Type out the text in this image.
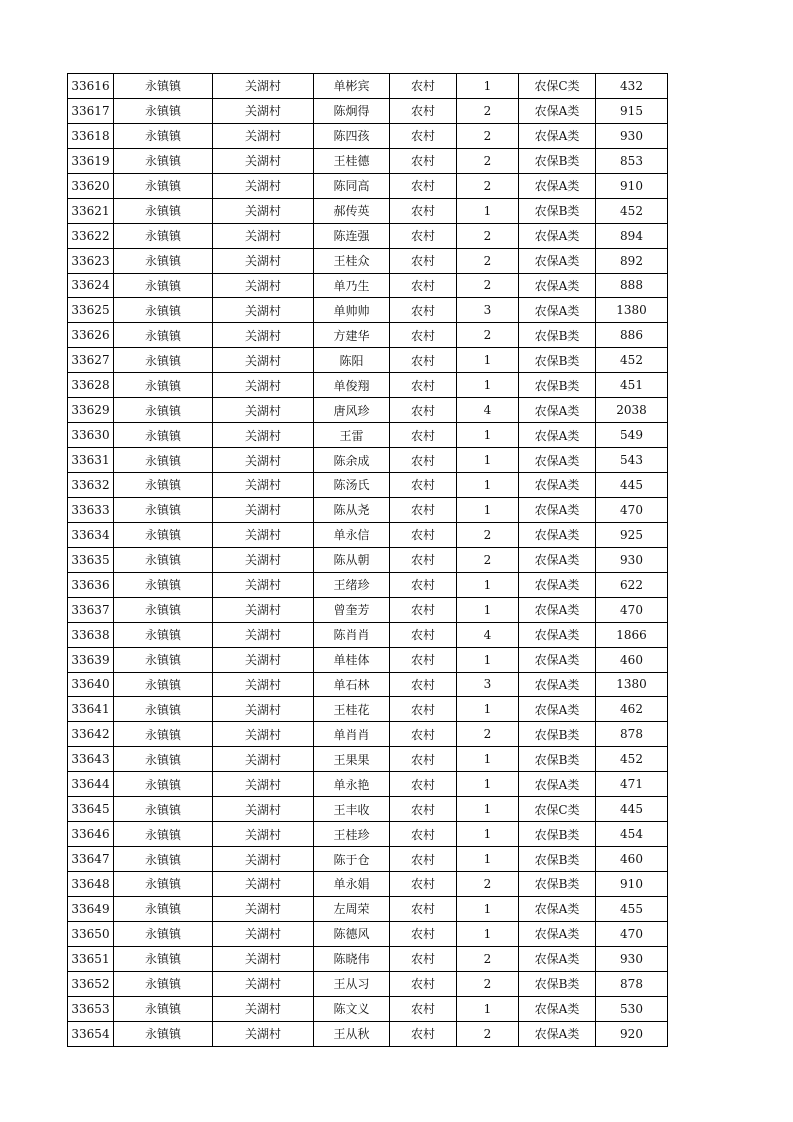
33616	永镇镇	关湖村	单彬宾	农村	1	农保C类	432
33617	永镇镇	关湖村	陈炯得	农村	2	农保A类	915
33618	永镇镇	关湖村	陈四孩	农村	2	农保A类	930
33619	永镇镇	关湖村	王桂德	农村	2	农保B类	853
33620	永镇镇	关湖村	陈同高	农村	2	农保A类	910
33621	永镇镇	关湖村	郝传英	农村	1	农保B类	452
33622	永镇镇	关湖村	陈连强	农村	2	农保A类	894
33623	永镇镇	关湖村	王桂众	农村	2	农保A类	892
33624	永镇镇	关湖村	单乃生	农村	2	农保A类	888
33625	永镇镇	关湖村	单帅帅	农村	3	农保A类	1380
33626	永镇镇	关湖村	方建华	农村	2	农保B类	886
33627	永镇镇	关湖村	陈阳	农村	1	农保B类	452
33628	永镇镇	关湖村	单俊翔	农村	1	农保B类	451
33629	永镇镇	关湖村	唐风珍	农村	4	农保A类	2038
33630	永镇镇	关湖村	王雷	农村	1	农保A类	549
33631	永镇镇	关湖村	陈余成	农村	1	农保A类	543
33632	永镇镇	关湖村	陈汤氏	农村	1	农保A类	445
33633	永镇镇	关湖村	陈从尧	农村	1	农保A类	470
33634	永镇镇	关湖村	单永信	农村	2	农保A类	925
33635	永镇镇	关湖村	陈从朝	农村	2	农保A类	930
33636	永镇镇	关湖村	王绪珍	农村	1	农保A类	622
33637	永镇镇	关湖村	曾奎芳	农村	1	农保A类	470
33638	永镇镇	关湖村	陈肖肖	农村	4	农保A类	1866
33639	永镇镇	关湖村	单桂体	农村	1	农保A类	460
33640	永镇镇	关湖村	单石林	农村	3	农保A类	1380
33641	永镇镇	关湖村	王桂花	农村	1	农保A类	462
33642	永镇镇	关湖村	单肖肖	农村	2	农保B类	878
33643	永镇镇	关湖村	王果果	农村	1	农保B类	452
33644	永镇镇	关湖村	单永艳	农村	1	农保A类	471
33645	永镇镇	关湖村	王丰收	农村	1	农保C类	445
33646	永镇镇	关湖村	王桂珍	农村	1	农保B类	454
33647	永镇镇	关湖村	陈于仓	农村	1	农保B类	460
33648	永镇镇	关湖村	单永娟	农村	2	农保B类	910
33649	永镇镇	关湖村	左周荣	农村	1	农保A类	455
33650	永镇镇	关湖村	陈德风	农村	1	农保A类	470
33651	永镇镇	关湖村	陈晓伟	农村	2	农保A类	930
33652	永镇镇	关湖村	王从习	农村	2	农保B类	878
33653	永镇镇	关湖村	陈文义	农村	1	农保A类	530
33654	永镇镇	关湖村	王从秋	农村	2	农保A类	920
